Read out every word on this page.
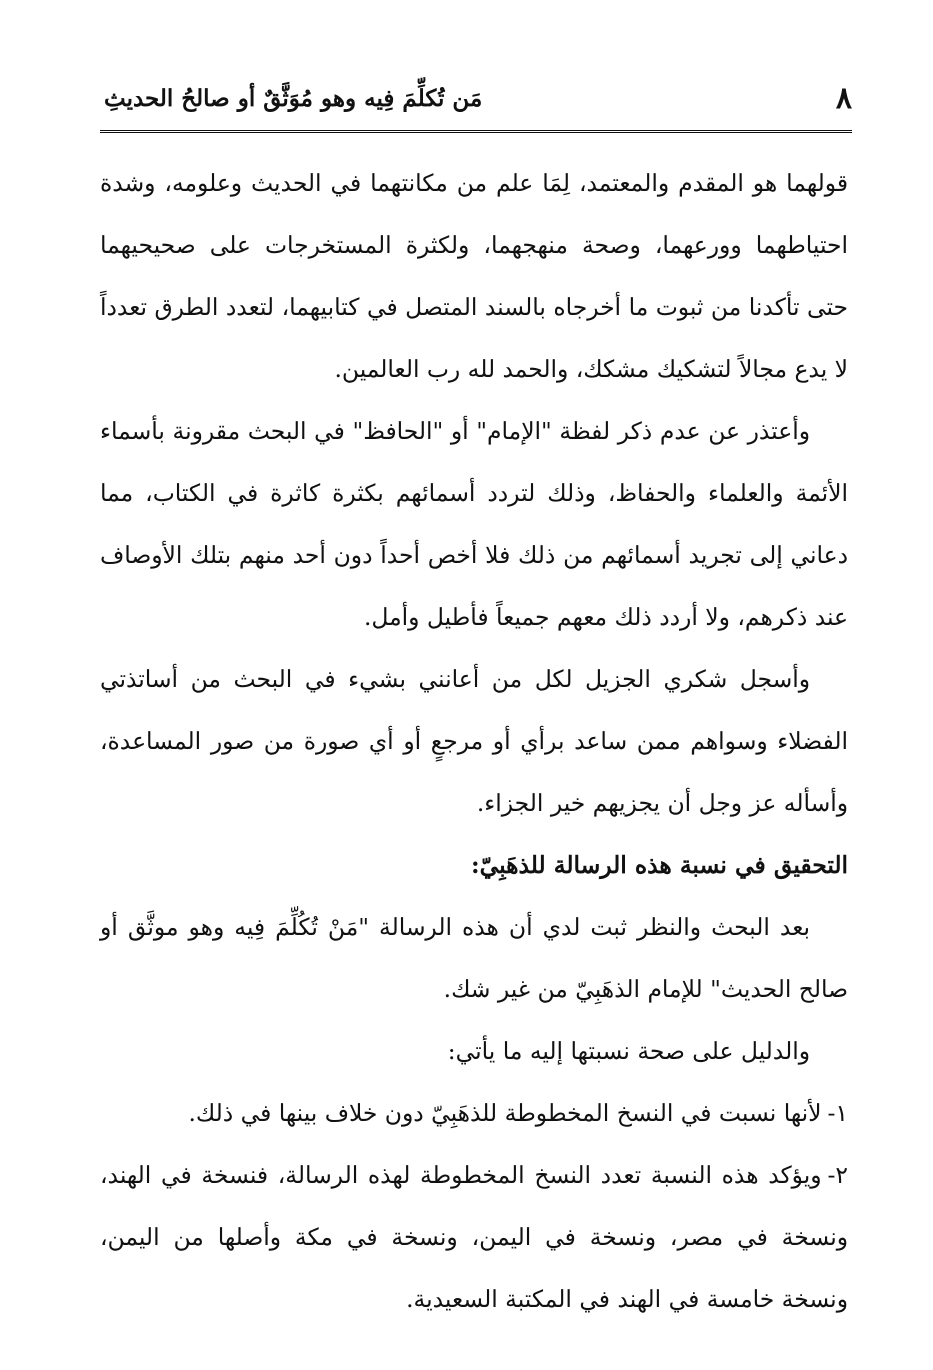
٨
مَن تُكلِّمَ فِيه وهو مُوَثَّقٌ أو صالحُ الحديثِ

قولهما هو المقدم والمعتمد، لِمَا علم من مكانتهما في الحديث وعلومه، وشدة احتياطهما وورعهما، وصحة منهجهما، ولكثرة المستخرجات على صحيحيهما حتى تأكدنا من ثبوت ما أخرجاه بالسند المتصل في كتابيهما، لتعدد الطرق تعدداً لا يدع مجالاً لتشكيك مشكك، والحمد لله رب العالمين.

وأعتذر عن عدم ذكر لفظة "الإمام" أو "الحافظ" في البحث مقرونة بأسماء الأئمة والعلماء والحفاظ، وذلك لتردد أسمائهم بكثرة كاثرة في الكتاب، مما دعاني إلى تجريد أسمائهم من ذلك فلا أخص أحداً دون أحد منهم بتلك الأوصاف عند ذكرهم، ولا أردد ذلك معهم جميعاً فأطيل وأمل.

وأسجل شكري الجزيل لكل من أعانني بشيء في البحث من أساتذتي الفضلاء وسواهم ممن ساعد برأي أو مرجعٍ أو أي صورة من صور المساعدة، وأسأله عز وجل أن يجزيهم خير الجزاء.

التحقيق في نسبة هذه الرسالة للذهَبِيّ:

بعد البحث والنظر ثبت لدي أن هذه الرسالة "مَنْ تُكُلِّمَ فِيه وهو موثَّق أو صالح الحديث" للإمام الذهَبِيّ من غير شك.

والدليل على صحة نسبتها إليه ما يأتي:

١-لأنها نسبت في النسخ المخطوطة للذهَبِيّ دون خلاف بينها في ذلك.

٢-ويؤكد هذه النسبة تعدد النسخ المخطوطة لهذه الرسالة، فنسخة في الهند، ونسخة في مصر، ونسخة في اليمن، ونسخة في مكة وأصلها من اليمن، ونسخة خامسة في الهند في المكتبة السعيدية.
